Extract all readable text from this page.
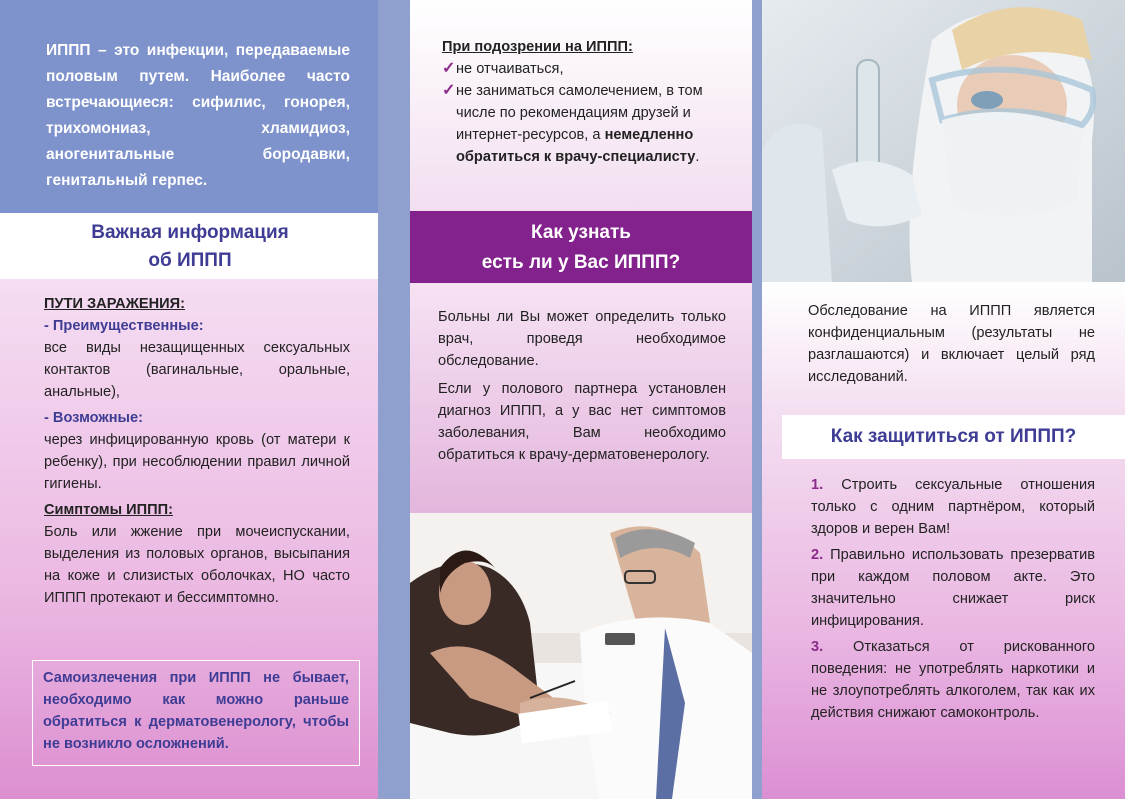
ИППП – это инфекции, передаваемые половым путем. Наиболее часто встречающиеся: сифилис, гонорея, трихомониаз, хламидиоз, аногенитальные бородавки, генитальный герпес.
Важная информация
об ИППП
ПУТИ ЗАРАЖЕНИЯ:
- Преимущественные:
все виды незащищенных сексуальных контактов (вагинальные, оральные, анальные),
- Возможные:
через инфицированную кровь (от матери к ребенку), при несоблюдении правил личной гигиены.
Симптомы ИППП:
Боль или жжение при мочеиспускании, выделения из половых органов, высыпания на коже и слизистых оболочках, НО часто ИППП протекают и бессимптомно.
Самоизлечения при ИППП не бывает, необходимо как можно раньше обратиться к дерматовенерологу, чтобы не возникло осложнений.
При подозрении на ИППП:
✓ не отчаиваться,
✓ не заниматься самолечением, в том числе по рекомендациям друзей и интернет-ресурсов, а немедленно обратиться к врачу-специалисту.
Как узнать
есть ли у Вас ИППП?

Больны ли Вы может определить только врач, проведя необходимое обследование.

Если у полового партнера установлен диагноз ИППП, а у вас нет симптомов заболевания, Вам необходимо обратиться к врачу-дерматовенерологу.

Обследование на ИППП является конфиденциальным (результаты не разглашаются) и включает целый ряд исследований.
Как защититься от ИППП?

1. Строить сексуальные отношения только с одним партнёром, который здоров и верен Вам!

2. Правильно использовать презерватив при каждом половом акте. Это значительно снижает риск инфицирования.

3. Отказаться от рискованного поведения: не употреблять наркотики и не злоупотреблять алкоголем, так как их действия снижают самоконтроль.
